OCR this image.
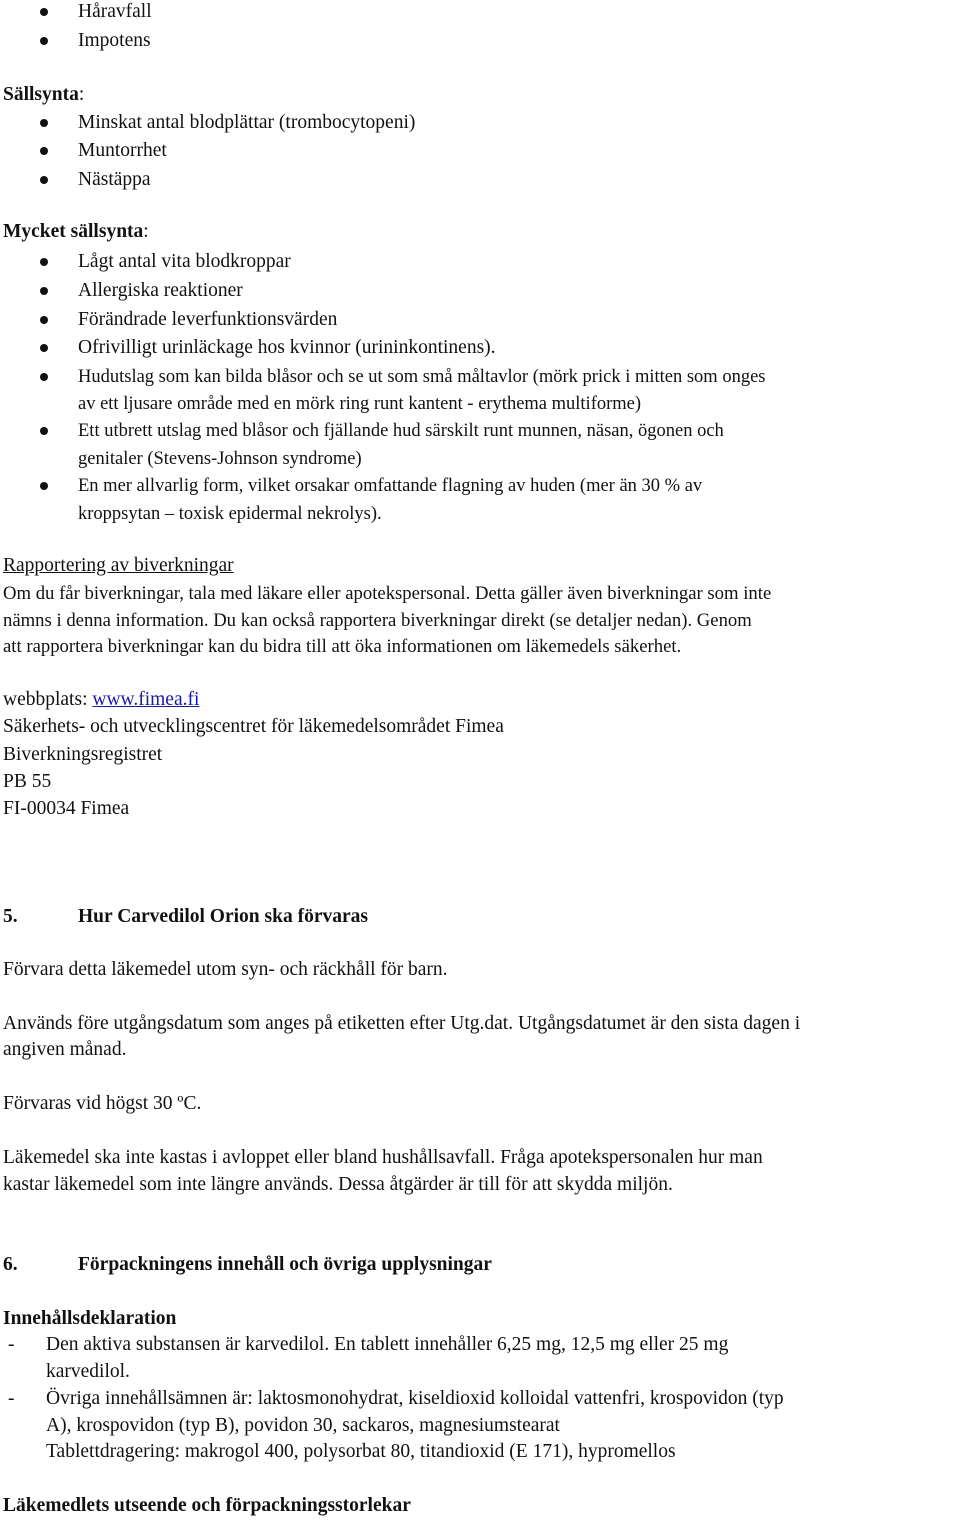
Håravfall
Impotens
Sällsynta:
Minskat antal blodplättar (trombocytopeni)
Muntorrhet
Nästäppa
Mycket sällsynta:
Lågt antal vita blodkroppar
Allergiska reaktioner
Förändrade leverfunktionsvärden
Ofrivilligt urinläckage hos kvinnor (urininkontinens).
Hudutslag som kan bilda blåsor och se ut som små måltavlor (mörk prick i mitten som onges
av ett ljusare område med en mörk ring runt kantent - erythema multiforme)
Ett utbrett utslag med blåsor och fjällande hud särskilt runt munnen, näsan, ögonen och
genitaler (Stevens-Johnson syndrome)
En mer allvarlig form, vilket orsakar omfattande flagning av huden (mer än 30 % av
kroppsytan – toxisk epidermal nekrolys).
Rapportering av biverkningar
Om du får biverkningar, tala med läkare eller apotekspersonal. Detta gäller även biverkningar som inte
nämns i denna information. Du kan också rapportera biverkningar direkt (se detaljer nedan). Genom
att rapportera biverkningar kan du bidra till att öka informationen om läkemedels säkerhet.
webbplats: www.fimea.fi
Säkerhets- och utvecklingscentret för läkemedelsområdet Fimea
Biverkningsregistret
PB 55
FI-00034 Fimea
5.	Hur Carvedilol Orion ska förvaras
Förvara detta läkemedel utom syn- och räckhåll för barn.
Används före utgångsdatum som anges på etiketten efter Utg.dat. Utgångsdatumet är den sista dagen i
angiven månad.
Förvaras vid högst 30 ºC.
Läkemedel ska inte kastas i avloppet eller bland hushållsavfall. Fråga apotekspersonalen hur man
kastar läkemedel som inte längre används. Dessa åtgärder är till för att skydda miljön.
6.	Förpackningens innehåll och övriga upplysningar
Innehållsdeklaration
- Den aktiva substansen är karvedilol. En tablett innehåller 6,25 mg, 12,5 mg eller 25 mg
karvedilol.
- Övriga innehållsämnen är: laktosmonohydrat, kiseldioxid kolloidal vattenfri, krospovidon (typ
A), krospovidon (typ B), povidon 30, sackaros, magnesiumstearat
Tablettdragering: makrogol 400, polysorbat 80, titandioxid (E 171), hypromellos
Läkemedlets utseende och förpackningsstorlekar
